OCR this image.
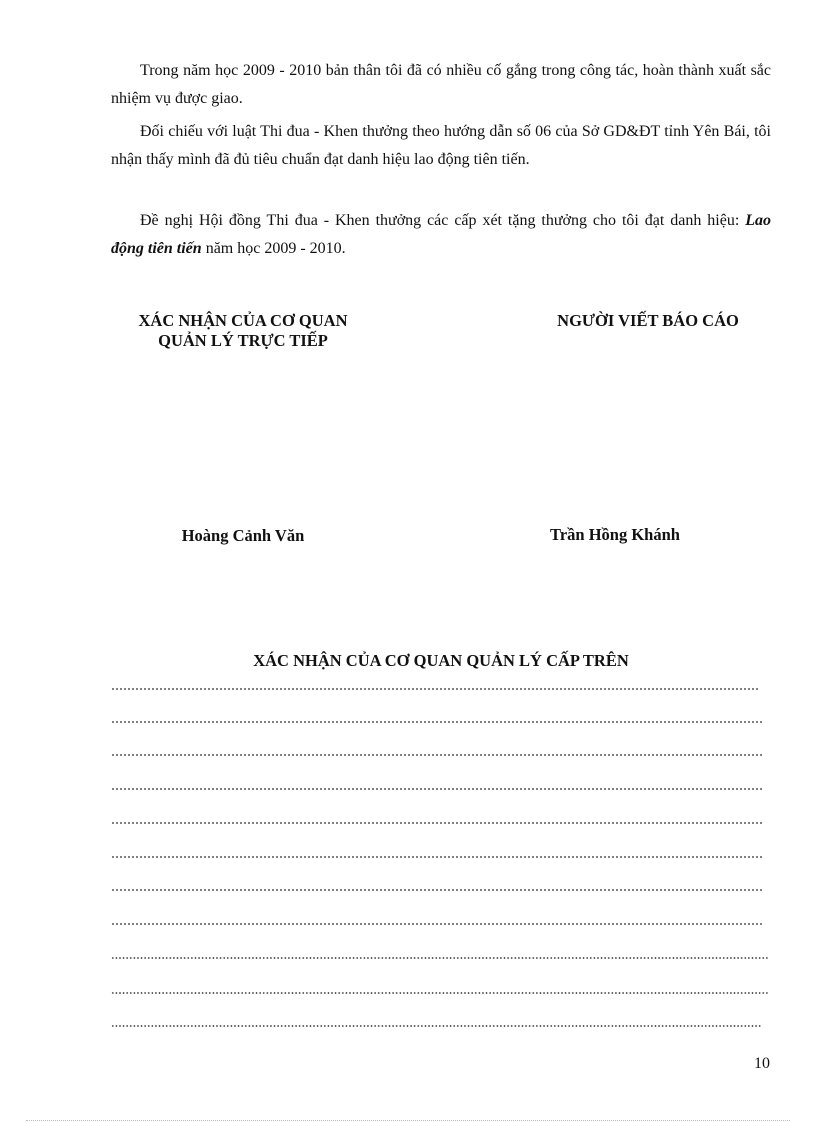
Trong năm học 2009 - 2010 bản thân tôi đã có nhiều cố gắng trong công tác, hoàn thành xuất sắc nhiệm vụ được giao.

Đối chiếu với luật Thi đua - Khen thưởng theo hướng dẫn số 06 của Sở GD&ĐT tỉnh Yên Bái, tôi nhận thấy mình đã đủ tiêu chuẩn đạt danh hiệu lao động tiên tiến.

Đề nghị Hội đồng Thi đua - Khen thưởng các cấp xét tặng thưởng cho tôi đạt danh hiệu: Lao động tiên tiến năm học 2009 - 2010.

XÁC NHẬN CỦA CƠ QUAN
QUẢN LÝ TRỰC TIẾP
NGƯỜI VIẾT BÁO CÁO
Hoàng Cảnh Văn	Trần Hồng Khánh
XÁC NHẬN CỦA CƠ QUAN QUẢN LÝ CẤP TRÊN
10
